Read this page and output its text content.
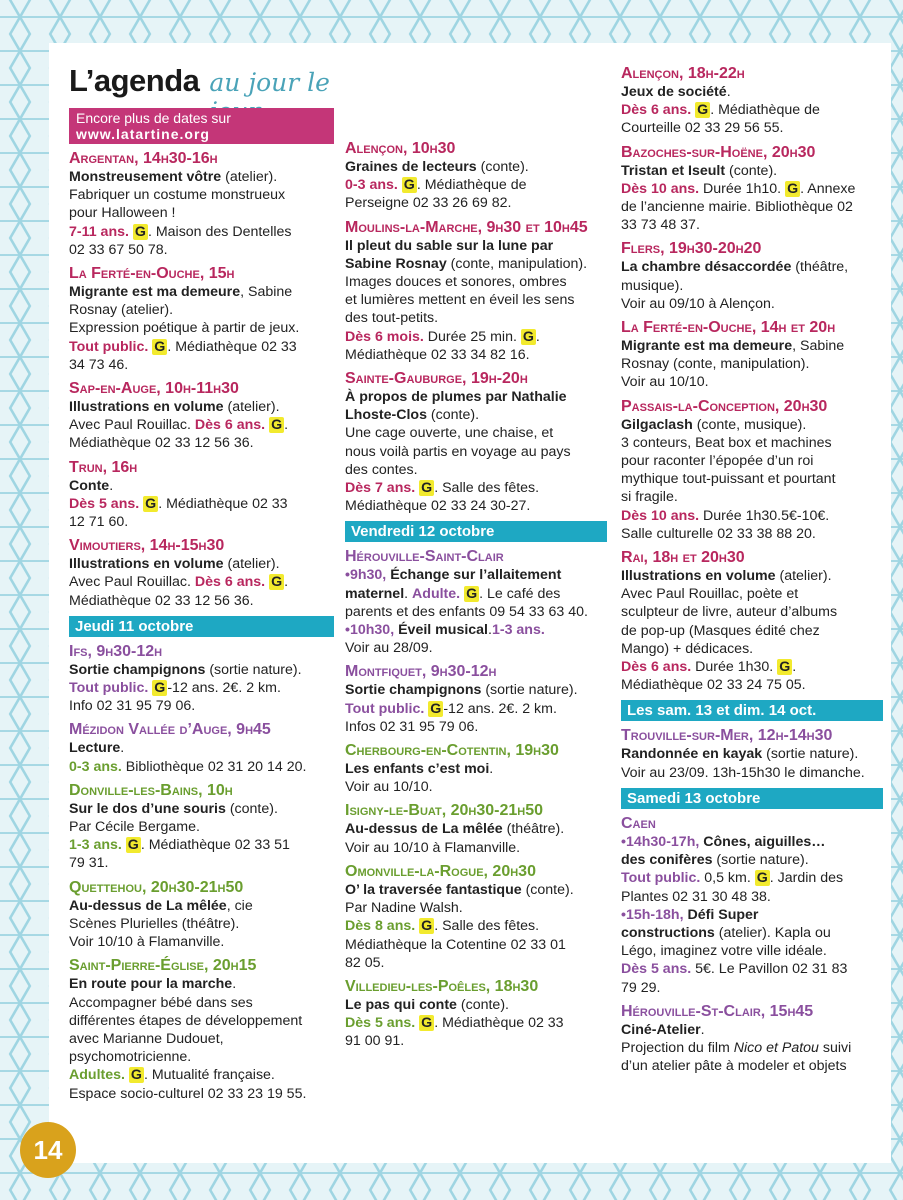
L’agenda au jour le
Encore plus de dates sur www.latartine.org
Argentan, 14h30-16h
Monstreusement vôtre (atelier).
Fabriquer un costume monstrueux
pour Halloween !
7-11 ans. G . Maison des Dentelles
02 33 67 50 78.
La Ferté-en-Ouche, 15h
Migrante est ma demeure, Sabine
Rosnay (atelier).
Expression poétique à partir de jeux.
Tout public. G . Médiathèque 02 33
34 73 46.
Sap-en-Auge, 10h-11h30
Illustrations en volume (atelier).
Avec Paul Rouillac. Dès 6 ans. G .
Médiathèque 02 33 12 56 36.
Trun, 16h
Conte.
Dès 5 ans. G . Médiathèque 02 33
12 71 60.
Vimoutiers, 14h-15h30
Illustrations en volume (atelier).
Avec Paul Rouillac. Dès 6 ans. G .
Médiathèque 02 33 12 56 36.
Jeudi 11 octobre
Ifs, 9h30-12h
Sortie champignons (sortie nature).
Tout public. G -12 ans. 2€. 2 km.
Info 02 31 95 79 06.
Mézidon Vallée d’Auge, 9h45
Lecture.
0-3 ans. Bibliothèque 02 31 20 14 20.
Donville-les-Bains, 10h
Sur le dos d’une souris (conte).
Par Cécile Bergame.
1-3 ans. G . Médiathèque 02 33 51
79 31.
Quettehou, 20h30-21h50
Au-dessus de La mêlée, cie
Scènes Plurielles (théâtre).
Voir 10/10 à Flamanville.
Saint-Pierre-Église, 20h15
En route pour la marche.
Accompagner bébé dans ses
différentes étapes de développement
avec Marianne Dudouet,
psychomotricienne.
Adultes. G . Mutualité française.
Espace socio-culturel 02 33 23 19 55.
Alençon, 10h30
Graines de lecteurs (conte).
0-3 ans. G . Médiathèque de
Perseigne 02 33 26 69 82.
Moulins-la-Marche, 9h30 et 10h45
Il pleut du sable sur la lune par
Sabine Rosnay (conte, manipulation).
Images douces et sonores, ombres
et lumières mettent en éveil les sens
des tout-petits.
Dès 6 mois. Durée 25 min. G .
Médiathèque 02 33 34 82 16.
Sainte-Gauburge, 19h-20h
À propos de plumes par Nathalie
Lhoste-Clos (conte).
Une cage ouverte, une chaise, et
nous voilà partis en voyage au pays
des contes.
Dès 7 ans. G . Salle des fêtes.
Médiathèque 02 33 24 30-27.
Vendredi 12 octobre
Hérouville-Saint-Clair
•9h30, Échange sur l’allaitement
maternel. Adulte. G . Le café des
parents et des enfants 09 54 33 63 40.
•10h30, Éveil musical.1-3 ans.
Voir au 28/09.
Montfiquet, 9h30-12h
Sortie champignons (sortie nature).
Tout public. G -12 ans. 2€. 2 km.
Infos 02 31 95 79 06.
Cherbourg-en-Cotentin, 19h30
Les enfants c’est moi.
Voir au 10/10.
Isigny-le-Buat, 20h30-21h50
Au-dessus de La mêlée (théâtre).
Voir au 10/10 à Flamanville.
Omonville-la-Rogue, 20h30
O’ la traversée fantastique (conte).
Par Nadine Walsh.
Dès 8 ans. G . Salle des fêtes.
Médiathèque la Cotentine 02 33 01
82 05.
Villedieu-les-Poêles, 18h30
Le pas qui conte (conte).
Dès 5 ans. G . Médiathèque 02 33
91 00 91.
Alençon, 18h-22h
Jeux de société.
Dès 6 ans. G . Médiathèque de
Courteille 02 33 29 56 55.
Bazoches-sur-Hoëne, 20h30
Tristan et Iseult (conte).
Dès 10 ans. Durée 1h10. G . Annexe
de l’ancienne mairie. Bibliothèque 02
33 73 48 37.
Flers, 19h30-20h20
La chambre désaccordée (théâtre,
musique).
Voir au 09/10 à Alençon.
La Ferté-en-Ouche, 14h et 20h
Migrante est ma demeure, Sabine
Rosnay (conte, manipulation).
Voir au 10/10.
Passais-la-Conception, 20h30
Gilgaclash (conte, musique).
3 conteurs, Beat box et machines
pour raconter l’épopée d’un roi
mythique tout-puissant et pourtant
si fragile.
Dès 10 ans. Durée 1h30.5€-10€.
Salle culturelle 02 33 38 88 20.
Rai, 18h et 20h30
Illustrations en volume (atelier).
Avec Paul Rouillac, poète et
sculpteur de livre, auteur d’albums
de pop-up (Masques édité chez
Mango) + dédicaces.
Dès 6 ans. Durée 1h30. G .
Médiathèque 02 33 24 75 05.
Les sam. 13 et dim. 14 oct.
Trouville-sur-Mer, 12h-14h30
Randonnée en kayak (sortie nature).
Voir au 23/09. 13h-15h30 le dimanche.
Samedi 13 octobre
Caen
•14h30-17h, Cônes, aiguilles…
des conifères (sortie nature).
Tout public. 0,5 km. G . Jardin des
Plantes 02 31 30 48 38.
•15h-18h, Défi Super
constructions (atelier). Kapla ou
Légo, imaginez votre ville idéale.
Dès 5 ans. 5€. Le Pavillon 02 31 83
79 29.
Hérouville-St-Clair, 15h45
Ciné-Atelier.
Projection du film Nico et Patou suivi
d’un atelier pâte à modeler et objets
14
